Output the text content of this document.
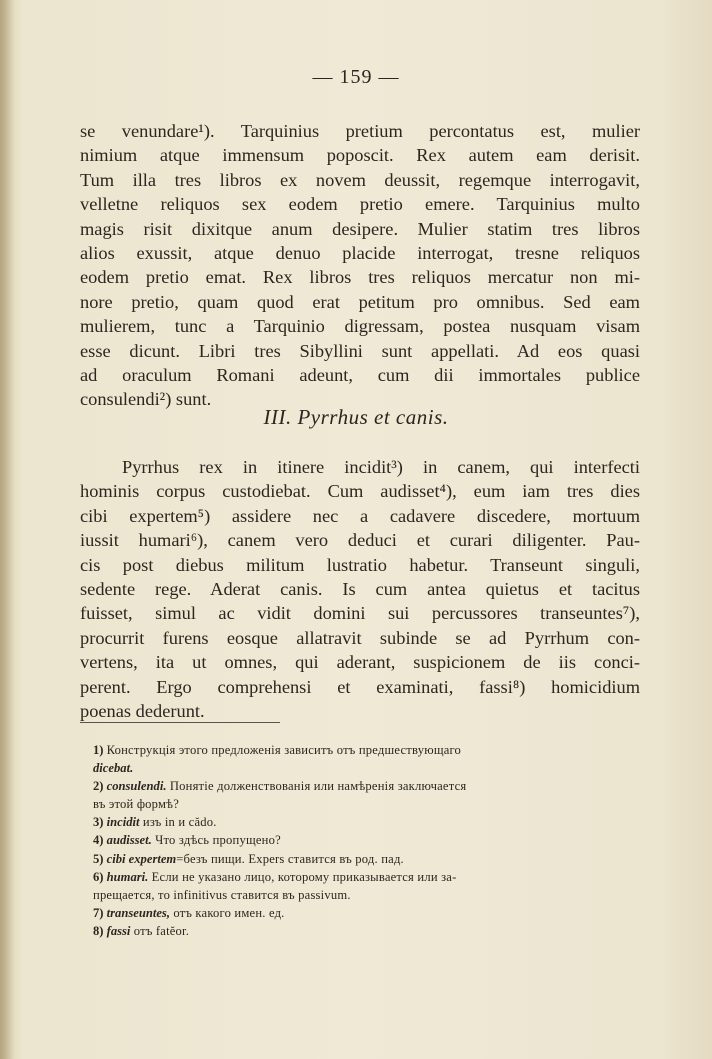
— 159 —

se venundare¹). Tarquinius pretium percontatus est, mulier

nimium atque immensum poposcit. Rex autem eam derisit.

Tum illa tres libros ex novem deussit, regemque interrogavit,

velletne reliquos sex eodem pretio emere. Tarquinius multo

magis risit dixitque anum desipere. Mulier statim tres libros

alios exussit, atque denuo placide interrogat, tresne reliquos

eodem pretio emat. Rex libros tres reliquos mercatur non mi-

nore pretio, quam quod erat petitum pro omnibus. Sed eam

mulierem, tunc a Tarquinio digressam, postea nusquam visam

esse dicunt. Libri tres Sibyllini sunt appellati. Ad eos quasi

ad oraculum Romani adeunt, cum dii immortales publice

consulendi²) sunt.

III. Pyrrhus et canis.

Pyrrhus rex in itinere incidit³) in canem, qui interfecti

hominis corpus custodiebat. Cum audisset⁴), eum iam tres dies

cibi expertem⁵) assidere nec a cadavere discedere, mortuum

iussit humari⁶), canem vero deduci et curari diligenter. Pau-

cis post diebus militum lustratio habetur. Transeunt singuli,

sedente rege. Aderat canis. Is cum antea quietus et tacitus

fuisset, simul ac vidit domini sui percussores transeuntes⁷),

procurrit furens eosque allatravit subinde se ad Pyrrhum con-

vertens, ita ut omnes, qui aderant, suspicionem de iis conci-

perent. Ergo comprehensi et examinati, fassi⁸) homicidium

poenas dederunt.

1) Конструкція этого предложенія зависитъ отъ предшествующаго
dicebat.

2) consulendi. Понятіе долженствованія или намѣренія заключается
въ этой формѣ?

3) incidit изъ in и cădo.

4) audisset. Что здѣсь пропущено?

5) cibi expertem=безъ пищи. Expers ставится въ род. пад.

6) humari. Если не указано лицо, которому приказывается или за-
прещается, то infinitivus ставится въ passivum.

7) transeuntes, отъ какого имен. ед.

8) fassi отъ fatĕor.
